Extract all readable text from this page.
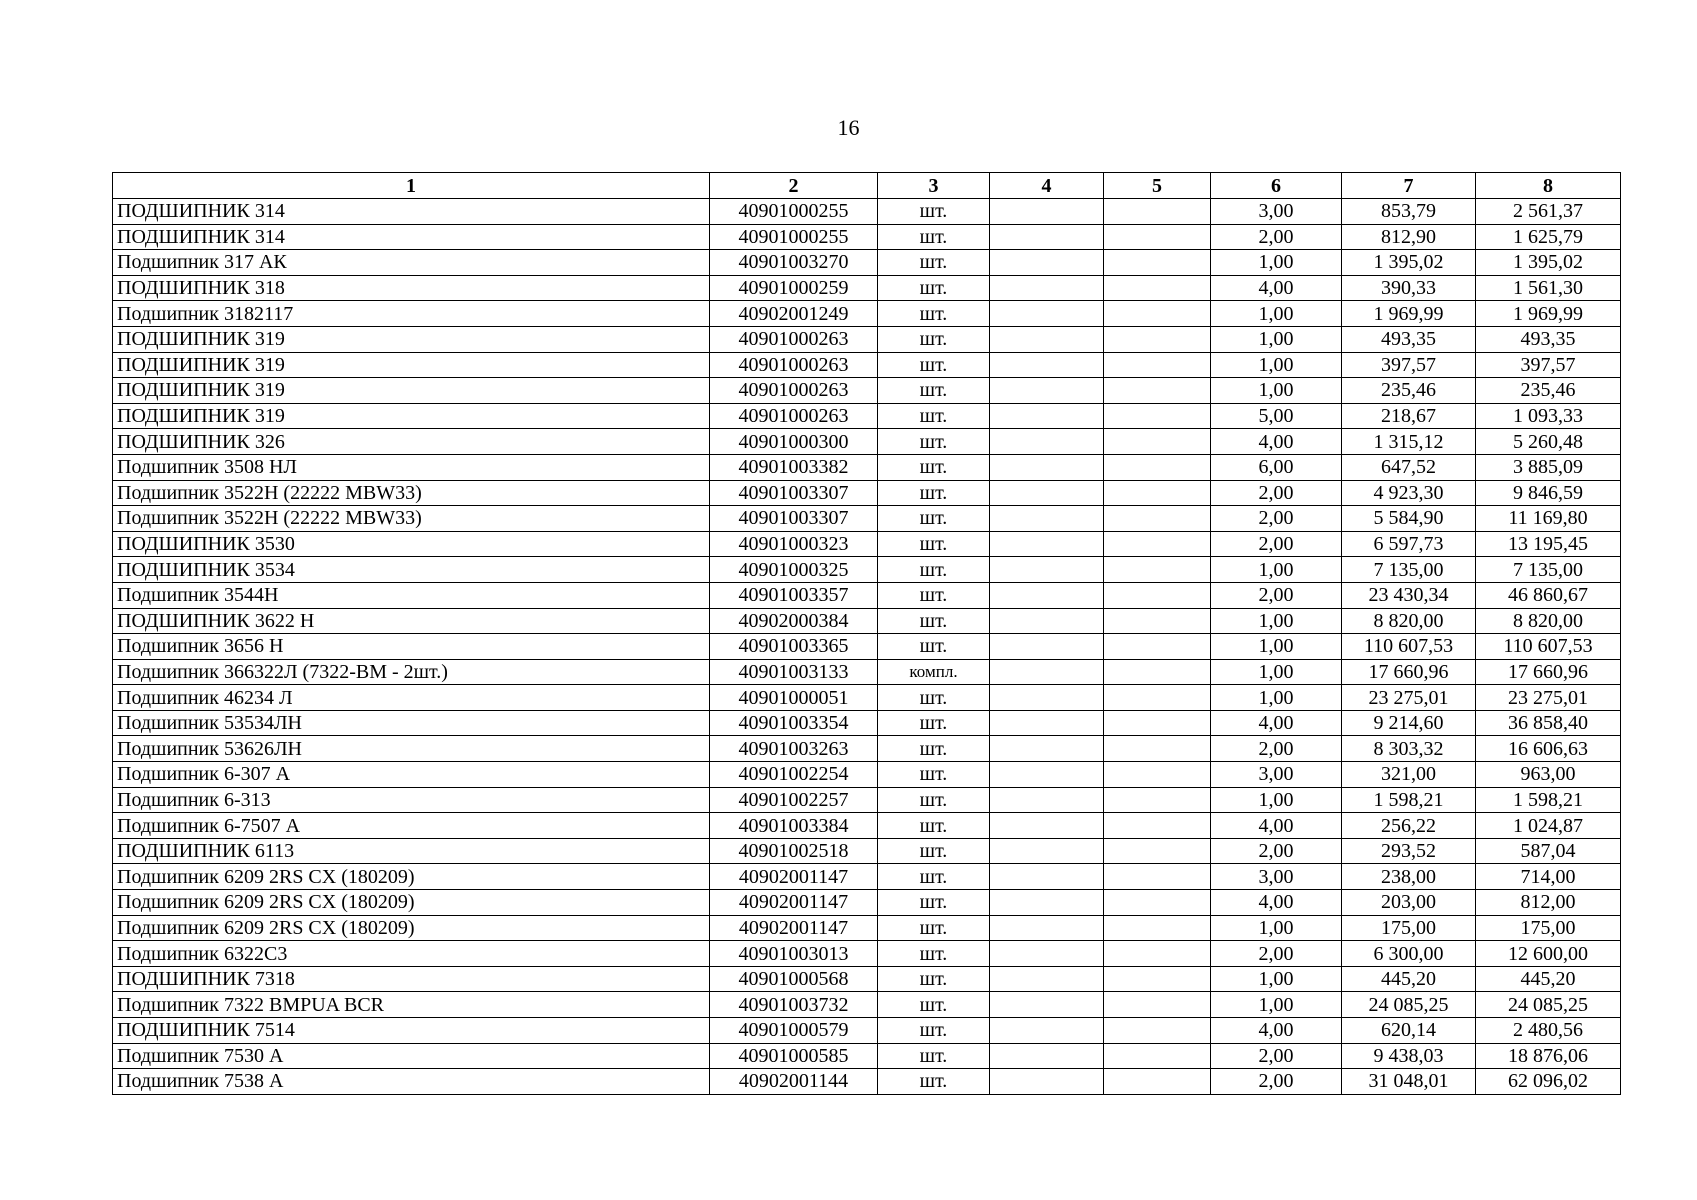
16
1	2	3	4	5	6	7	8
ПОДШИПНИК 314	40901000255	шт.			3,00	853,79	2 561,37
ПОДШИПНИК 314	40901000255	шт.			2,00	812,90	1 625,79
Подшипник 317 АК	40901003270	шт.			1,00	1 395,02	1 395,02
ПОДШИПНИК 318	40901000259	шт.			4,00	390,33	1 561,30
Подшипник 3182117	40902001249	шт.			1,00	1 969,99	1 969,99
ПОДШИПНИК 319	40901000263	шт.			1,00	493,35	493,35
ПОДШИПНИК 319	40901000263	шт.			1,00	397,57	397,57
ПОДШИПНИК 319	40901000263	шт.			1,00	235,46	235,46
ПОДШИПНИК 319	40901000263	шт.			5,00	218,67	1 093,33
ПОДШИПНИК 326	40901000300	шт.			4,00	1 315,12	5 260,48
Подшипник 3508 НЛ	40901003382	шт.			6,00	647,52	3 885,09
Подшипник 3522Н (22222 MBW33)	40901003307	шт.			2,00	4 923,30	9 846,59
Подшипник 3522Н (22222 MBW33)	40901003307	шт.			2,00	5 584,90	11 169,80
ПОДШИПНИК 3530	40901000323	шт.			2,00	6 597,73	13 195,45
ПОДШИПНИК 3534	40901000325	шт.			1,00	7 135,00	7 135,00
Подшипник 3544Н	40901003357	шт.			2,00	23 430,34	46 860,67
ПОДШИПНИК 3622 Н	40902000384	шт.			1,00	8 820,00	8 820,00
Подшипник 3656 Н	40901003365	шт.			1,00	110 607,53	110 607,53
Подшипник 366322Л (7322-ВМ - 2шт.)	40901003133	компл.			1,00	17 660,96	17 660,96
Подшипник 46234 Л	40901000051	шт.			1,00	23 275,01	23 275,01
Подшипник 53534ЛН	40901003354	шт.			4,00	9 214,60	36 858,40
Подшипник 53626ЛН	40901003263	шт.			2,00	8 303,32	16 606,63
Подшипник 6-307 А	40901002254	шт.			3,00	321,00	963,00
Подшипник 6-313	40901002257	шт.			1,00	1 598,21	1 598,21
Подшипник 6-7507 А	40901003384	шт.			4,00	256,22	1 024,87
ПОДШИПНИК 6113	40901002518	шт.			2,00	293,52	587,04
Подшипник 6209 2RS CX (180209)	40902001147	шт.			3,00	238,00	714,00
Подшипник 6209 2RS CX (180209)	40902001147	шт.			4,00	203,00	812,00
Подшипник 6209 2RS CX (180209)	40902001147	шт.			1,00	175,00	175,00
Подшипник 6322С3	40901003013	шт.			2,00	6 300,00	12 600,00
ПОДШИПНИК 7318	40901000568	шт.			1,00	445,20	445,20
Подшипник 7322 BMPUA BCR	40901003732	шт.			1,00	24 085,25	24 085,25
ПОДШИПНИК 7514	40901000579	шт.			4,00	620,14	2 480,56
Подшипник 7530 А	40901000585	шт.			2,00	9 438,03	18 876,06
Подшипник 7538 А	40902001144	шт.			2,00	31 048,01	62 096,02
